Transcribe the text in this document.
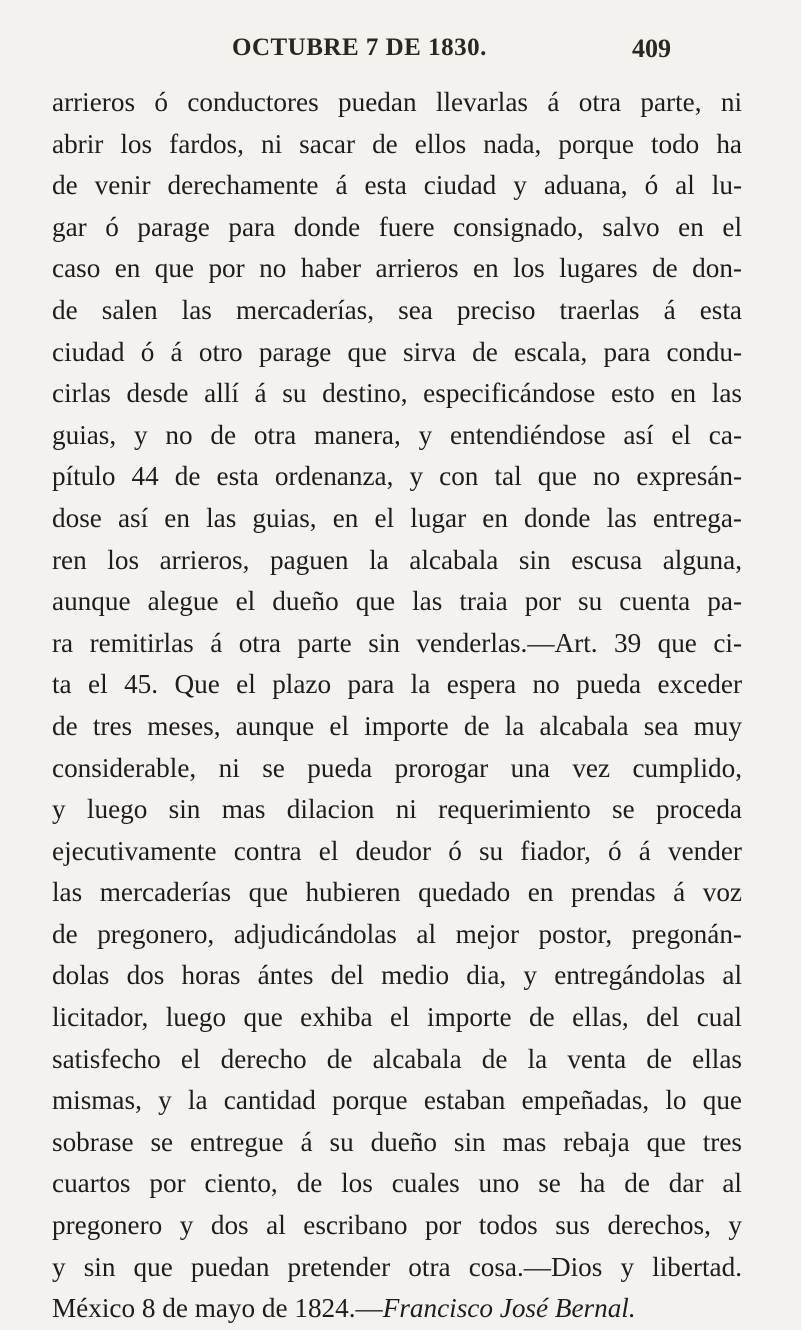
OCTUBRE 7 DE 1830.	409
arrieros ó conductores puedan llevarlas á otra parte, ni
abrir los fardos, ni sacar de ellos nada, porque todo ha
de venir derechamente á esta ciudad y aduana, ó al lu-
gar ó parage para donde fuere consignado, salvo en el
caso en que por no haber arrieros en los lugares de don-
de salen las mercaderías, sea preciso traerlas á esta
ciudad ó á otro parage que sirva de escala, para condu-
cirlas desde allí á su destino, especificándose esto en las
guias, y no de otra manera, y entendiéndose así el ca-
pítulo 44 de esta ordenanza, y con tal que no expresán-
dose así en las guias, en el lugar en donde las entrega-
ren los arrieros, paguen la alcabala sin escusa alguna,
aunque alegue el dueño que las traia por su cuenta pa-
ra remitirlas á otra parte sin venderlas.—Art. 39 que ci-
ta el 45. Que el plazo para la espera no pueda exceder
de tres meses, aunque el importe de la alcabala sea muy
considerable, ni se pueda prorogar una vez cumplido,
y luego sin mas dilacion ni requerimiento se proceda
ejecutivamente contra el deudor ó su fiador, ó á vender
las mercaderías que hubieren quedado en prendas á voz
de pregonero, adjudicándolas al mejor postor, pregonán-
dolas dos horas ántes del medio dia, y entregándolas al
licitador, luego que exhiba el importe de ellas, del cual
satisfecho el derecho de alcabala de la venta de ellas
mismas, y la cantidad porque estaban empeñadas, lo que
sobrase se entregue á su dueño sin mas rebaja que tres
cuartos por ciento, de los cuales uno se ha de dar al
pregonero y dos al escribano por todos sus derechos, y
y sin que puedan pretender otra cosa.—Dios y libertad.
México 8 de mayo de 1824.—Francisco José Bernal.
